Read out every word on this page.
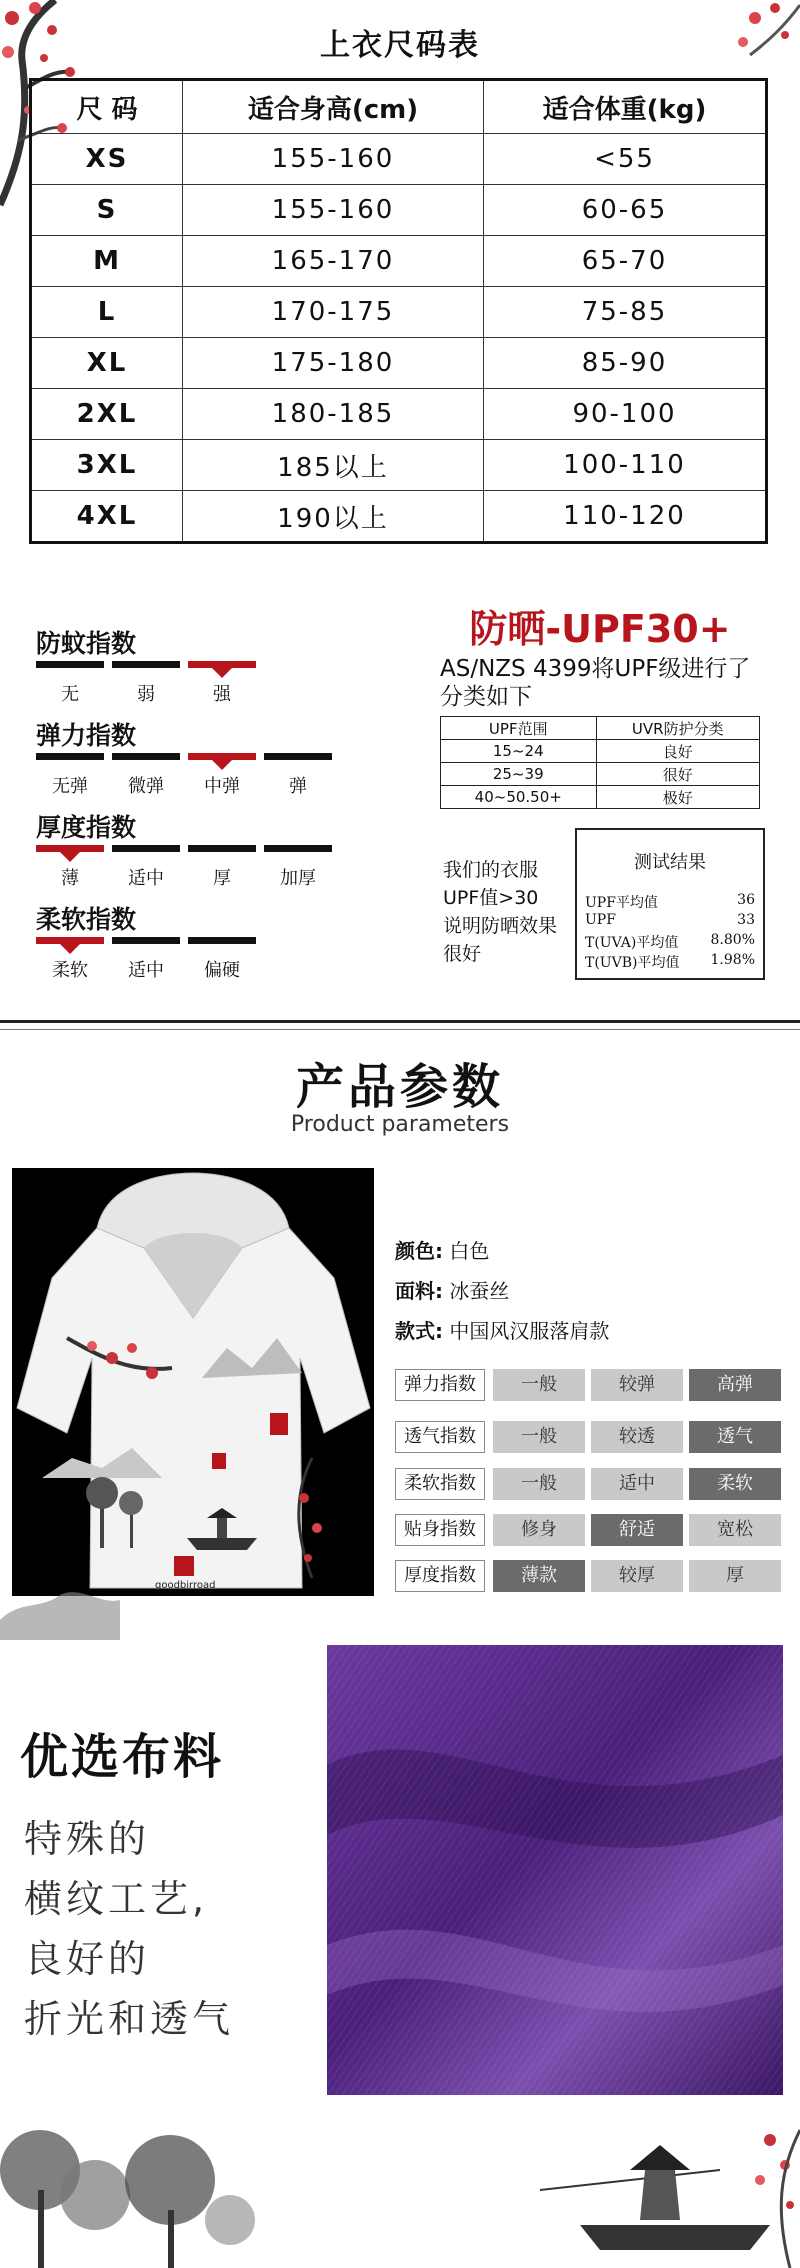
上衣尺码表
尺 码	适合身高(cm)	适合体重(kg)
XS	155-160	<55
S	155-160	60-65
M	165-170	65-70
L	170-175	75-85
XL	175-180	85-90
2XL	180-185	90-100
3XL	185以上	100-110
4XL	190以上	110-120
防蚊指数
无	弱	强
弹力指数
无弹	微弹	中弹	弹
厚度指数
薄	适中	厚	加厚
柔软指数
柔软	适中	偏硬
防晒-UPF30+
AS/NZS 4399将UPF级进行了分类如下
UPF范围	UVR防护分类
15~24	良好
25~39	很好
40~50.50+	极好
我们的衣服
UPF值>30
说明防晒效果
很好
测试结果
UPF平均值	36
UPF	33
T(UVA)平均值 8.80%
T(UVB)平均值 1.98%
产品参数
Product parameters
goodbirroad
颜色: 白色
面料: 冰蚕丝
款式: 中国风汉服落肩款
弹力指数	一般	较弹	高弹
透气指数	一般	较透	透气
柔软指数	一般	适中	柔软
贴身指数	修身	舒适	宽松
厚度指数	薄款	较厚	厚
优选布料
特殊的
横纹工艺,
良好的
折光和透气
